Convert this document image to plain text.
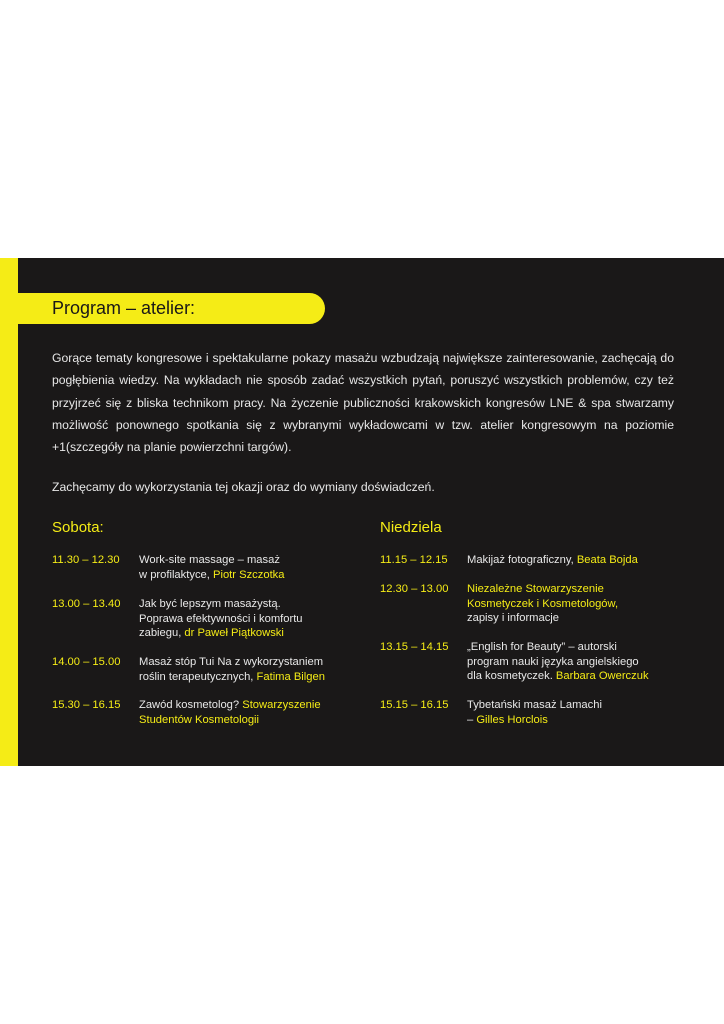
Program – atelier:
Gorące tematy kongresowe i spektakularne pokazy masażu wzbudzają największe zainteresowanie, zachęcają do pogłębienia wiedzy. Na wykładach nie sposób zadać wszystkich pytań, poruszyć wszystkich problemów, czy też przyjrzeć się z bliska technikom pracy. Na życzenie publiczności krakowskich kongresów LNE & spa stwarzamy możliwość ponownego spotkania się z wybranymi wykładowcami w tzw. atelier kongresowym na poziomie +1(szczegóły na planie powierzchni targów).
Zachęcamy do wykorzystania tej okazji oraz do wymiany doświadczeń.
Sobota:	Niedziela
11.30 – 12.30 Work-site massage – masaż
w profilaktyce, Piotr Szczotka
13.00 – 13.40 Jak być lepszym masażystą.
Poprawa efektywności i komfortu
zabiegu, dr Paweł Piątkowski
14.00 – 15.00 Masaż stóp Tui Na z wykorzystaniem
roślin terapeutycznych, Fatima Bilgen
15.30 – 16.15 Zawód kosmetolog? Stowarzyszenie
Studentów Kosmetologii
11.15 – 12.15 Makijaż fotograficzny, Beata Bojda
12.30 – 13.00 Niezależne Stowarzyszenie
Kosmetyczek i Kosmetologów,
zapisy i informacje
13.15 – 14.15 „English for Beauty” – autorski
program nauki języka angielskiego
dla kosmetyczek. Barbara Owerczuk
15.15 – 16.15 Tybetański masaż Lamachi
– Gilles Horclois
